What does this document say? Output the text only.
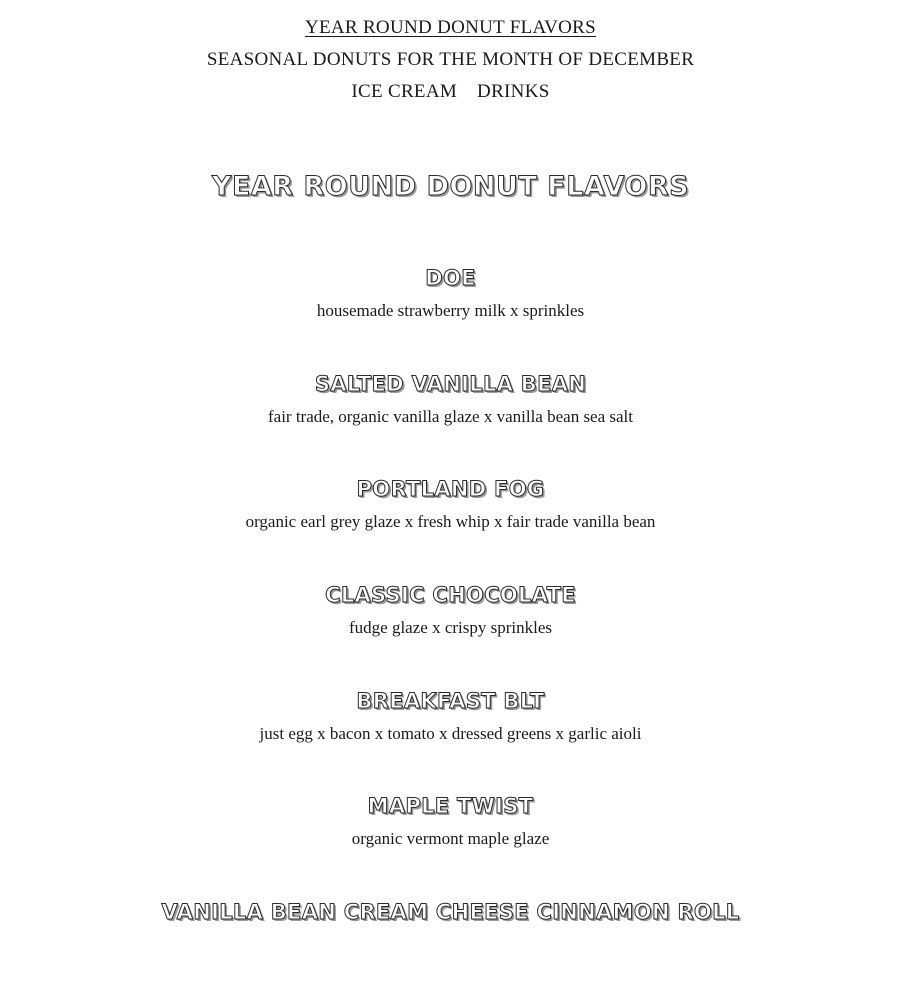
YEAR ROUND DONUT FLAVORS
SEASONAL DONUTS FOR THE MONTH OF DECEMBER
ICE CREAM DRINKS
YEAR ROUND DONUT FLAVORS
DOE
housemade strawberry milk x sprinkles
SALTED VANILLA BEAN
fair trade, organic vanilla glaze x vanilla bean sea salt
PORTLAND FOG
organic earl grey glaze x fresh whip x fair trade vanilla bean
CLASSIC CHOCOLATE
fudge glaze x crispy sprinkles
BREAKFAST BLT
just egg x bacon x tomato x dressed greens x garlic aioli
MAPLE TWIST
organic vermont maple glaze
VANILLA BEAN CREAM CHEESE CINNAMON ROLL
